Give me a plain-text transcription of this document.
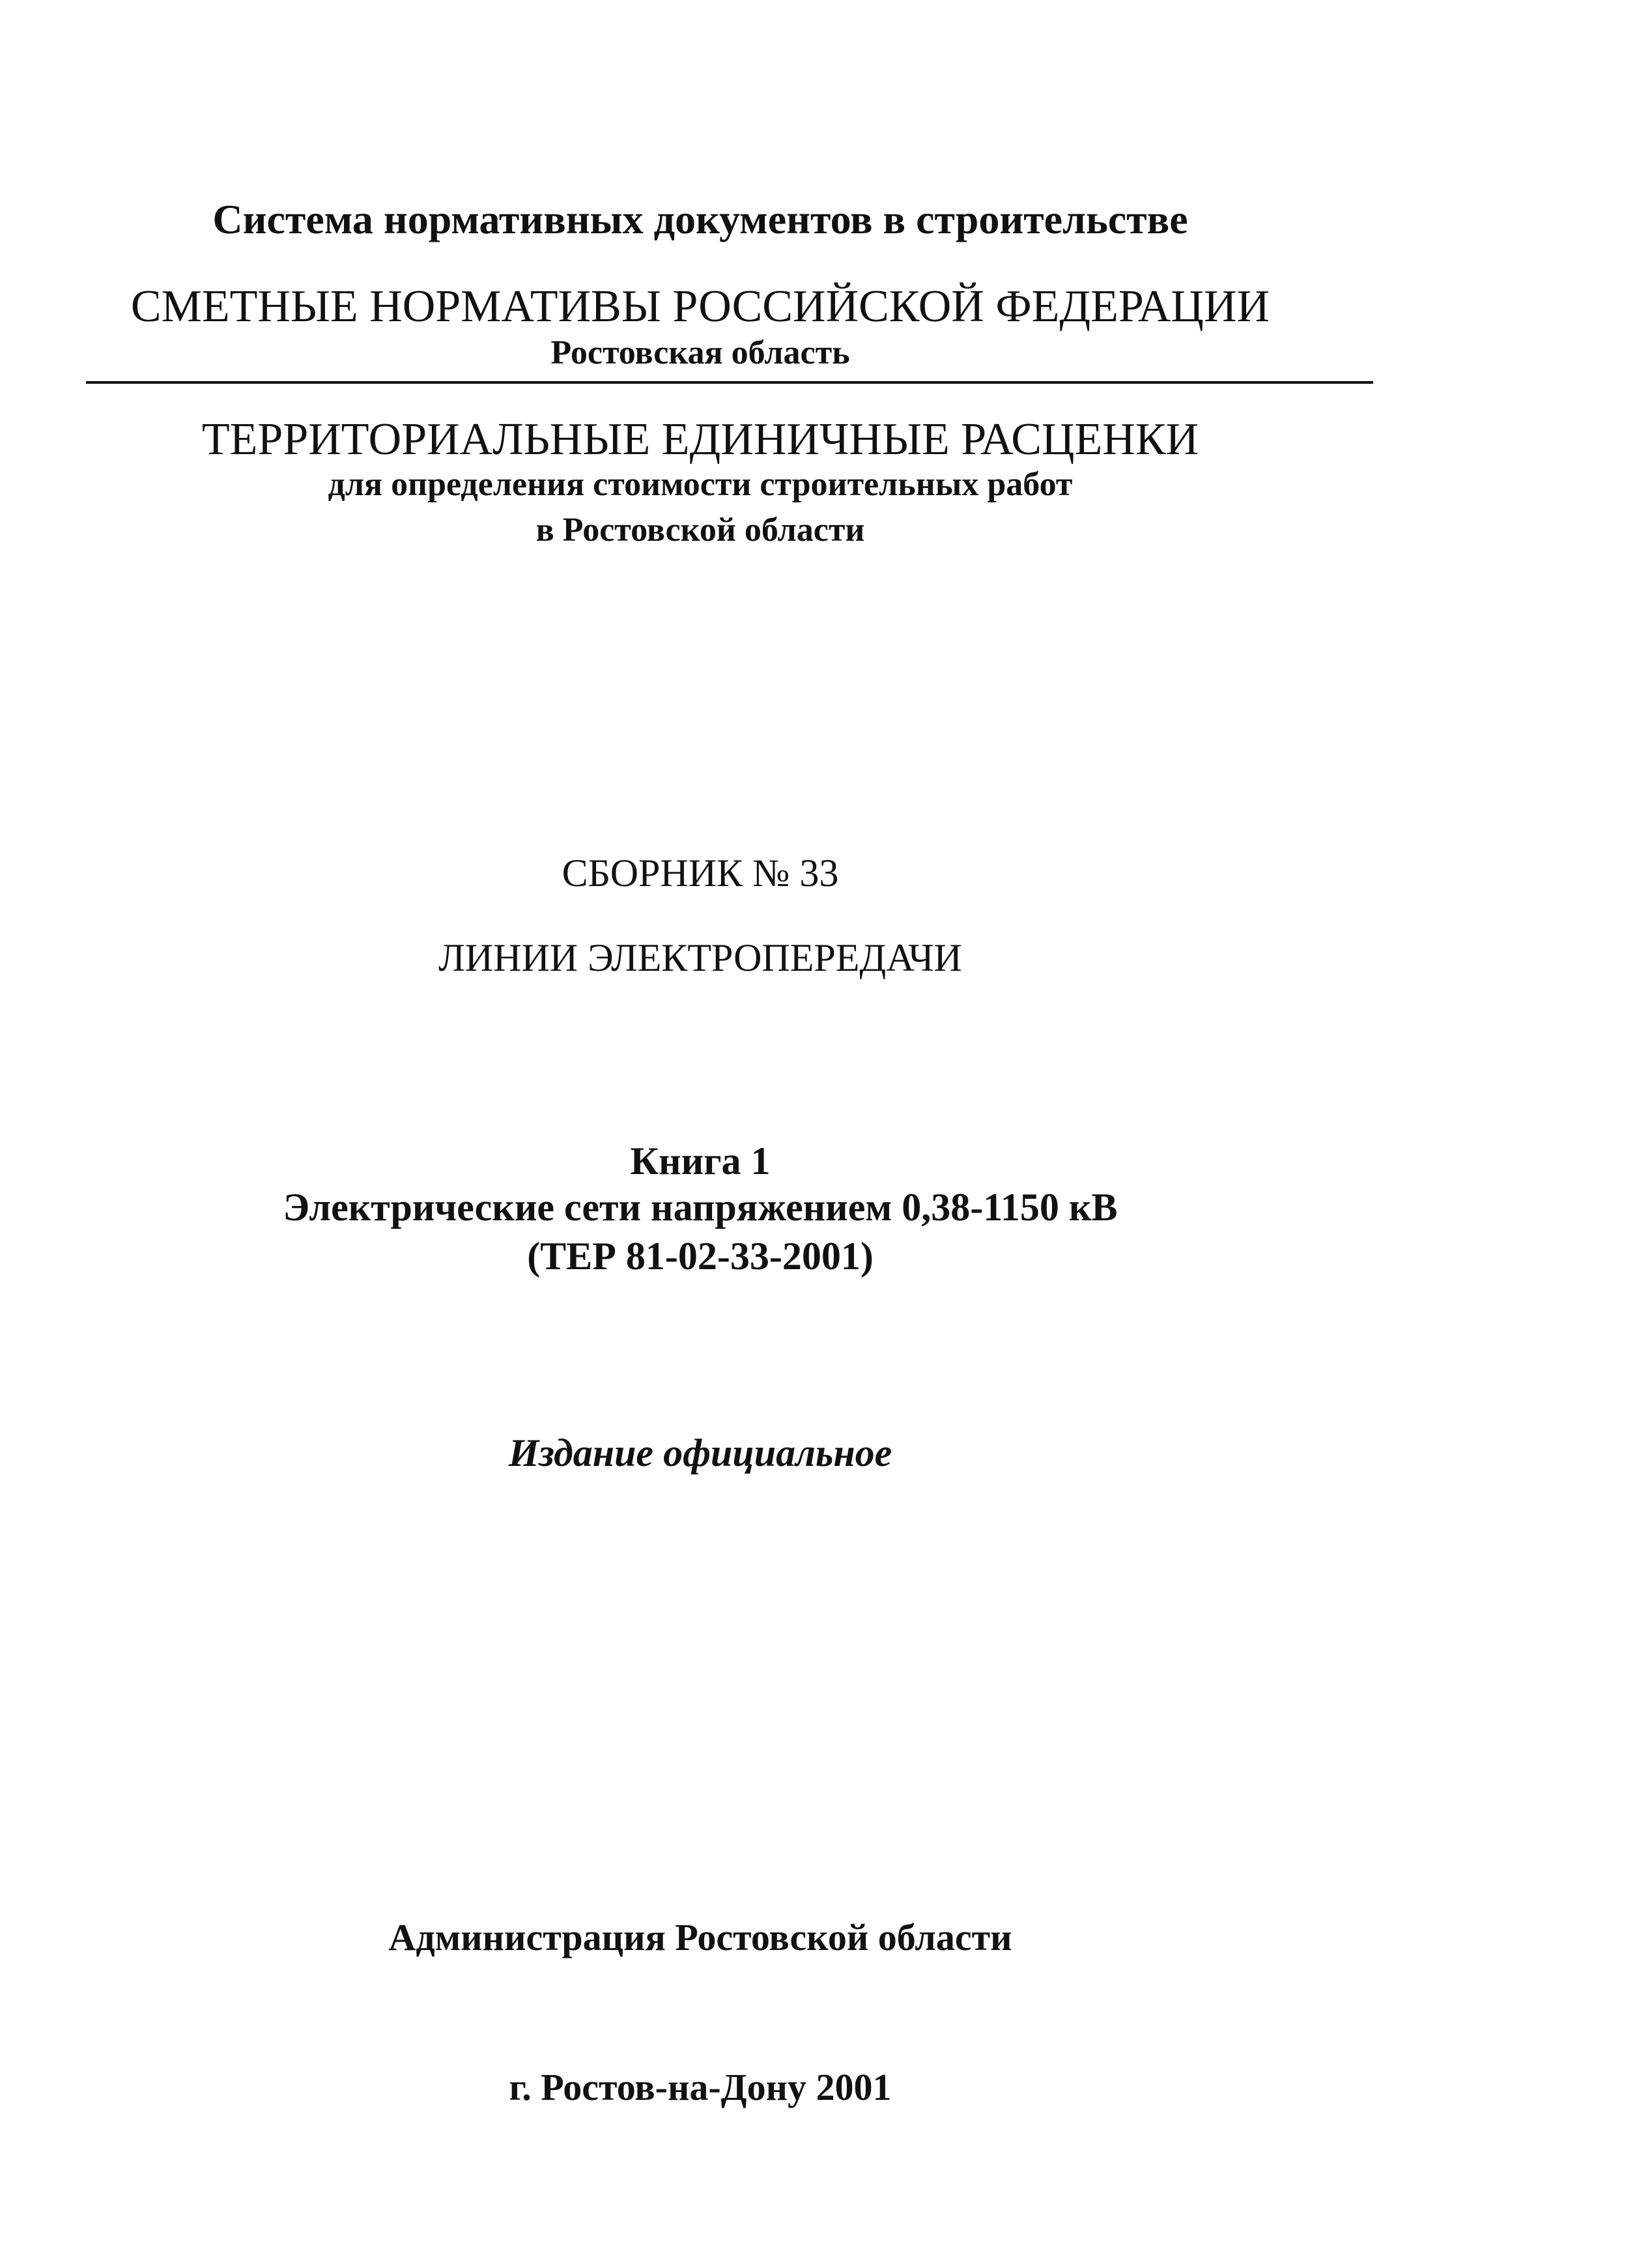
Система нормативных документов в строительстве
СМЕТНЫЕ НОРМАТИВЫ РОССИЙСКОЙ ФЕДЕРАЦИИ
Ростовская область
ТЕРРИТОРИАЛЬНЫЕ ЕДИНИЧНЫЕ РАСЦЕНКИ
для определения стоимости строительных работ
в Ростовской области
СБОРНИК № 33
ЛИНИИ ЭЛЕКТРОПЕРЕДАЧИ
Книга 1
Электрические сети напряжением 0,38-1150 кВ
(ТЕР 81-02-33-2001)
Издание официальное
Администрация Ростовской области
г. Ростов-на-Дону 2001
